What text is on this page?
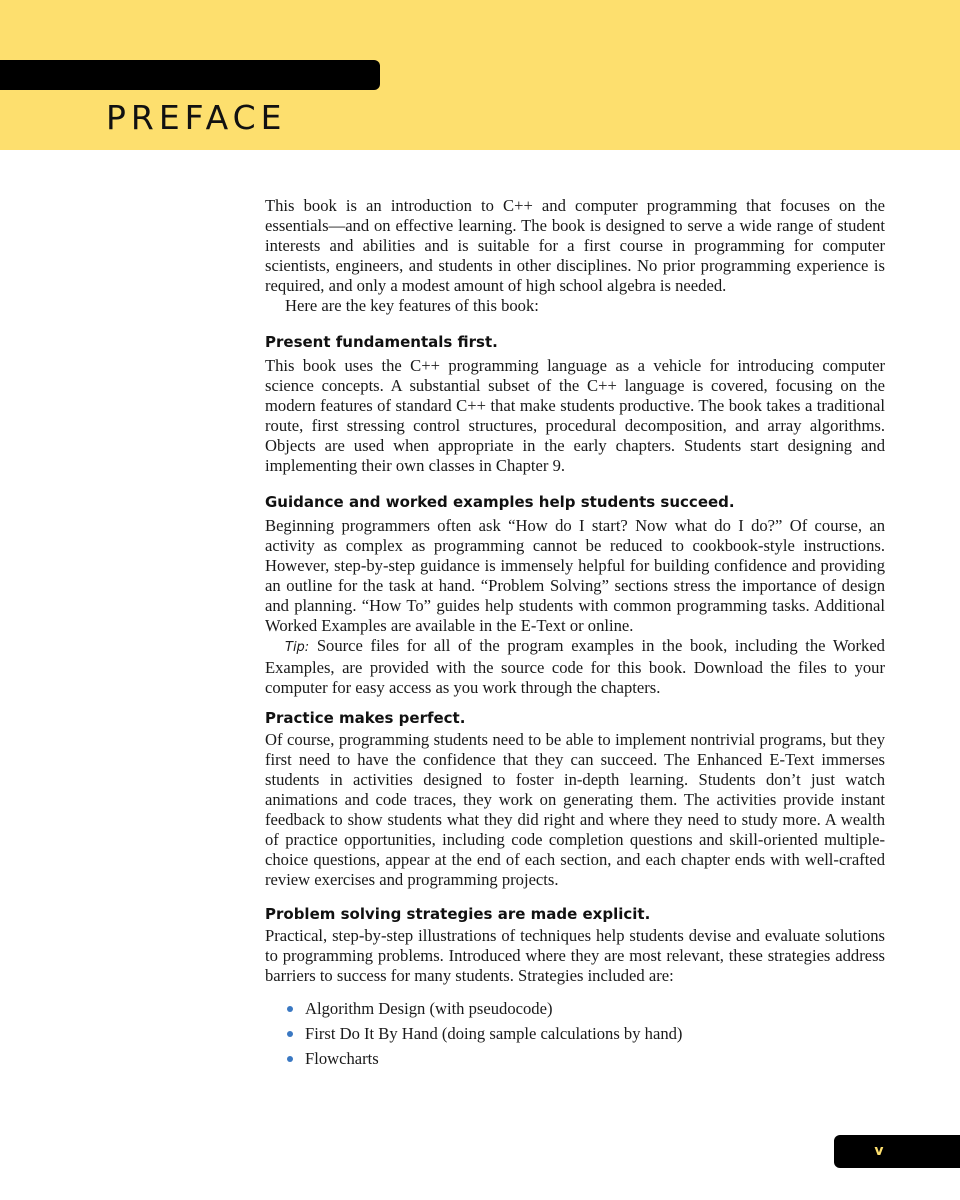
PREFACE

This book is an introduction to C++ and computer programming that focuses on the essentials—and on effective learning. The book is designed to serve a wide range of student interests and abilities and is suitable for a first course in programming for computer scientists, engineers, and students in other disciplines. No prior programming experience is required, and only a modest amount of high school algebra is needed.

Here are the key features of this book:

Present fundamentals first.

This book uses the C++ programming language as a vehicle for introducing computer science concepts. A substantial subset of the C++ language is covered, focusing on the modern features of standard C++ that make students productive. The book takes a traditional route, first stressing control structures, procedural decomposition, and array algorithms. Objects are used when appropriate in the early chapters. Students start designing and implementing their own classes in Chapter 9.

Guidance and worked examples help students succeed.

Beginning programmers often ask “How do I start? Now what do I do?” Of course, an activity as complex as programming cannot be reduced to cookbook-style instructions. However, step-by-step guidance is immensely helpful for building confidence and providing an outline for the task at hand. “Problem Solving” sections stress the importance of design and planning. “How To” guides help students with common programming tasks. Additional Worked Examples are available in the E-Text or online.

Tip: Source files for all of the program examples in the book, including the Worked Examples, are provided with the source code for this book. Download the files to your computer for easy access as you work through the chapters.

Practice makes perfect.

Of course, programming students need to be able to implement nontrivial programs, but they first need to have the confidence that they can succeed. The Enhanced E-Text immerses students in activities designed to foster in-depth learning. Students don’t just watch animations and code traces, they work on generating them. The activities provide instant feedback to show students what they did right and where they need to study more. A wealth of practice opportunities, including code completion questions and skill-oriented multiple-choice questions, appear at the end of each section, and each chapter ends with well-crafted review exercises and programming projects.

Problem solving strategies are made explicit.

Practical, step-by-step illustrations of techniques help students devise and evaluate solutions to programming problems. Introduced where they are most relevant, these strategies address barriers to success for many students. Strategies included are:

Algorithm Design (with pseudocode)
First Do It By Hand (doing sample calculations by hand)
Flowcharts
v
